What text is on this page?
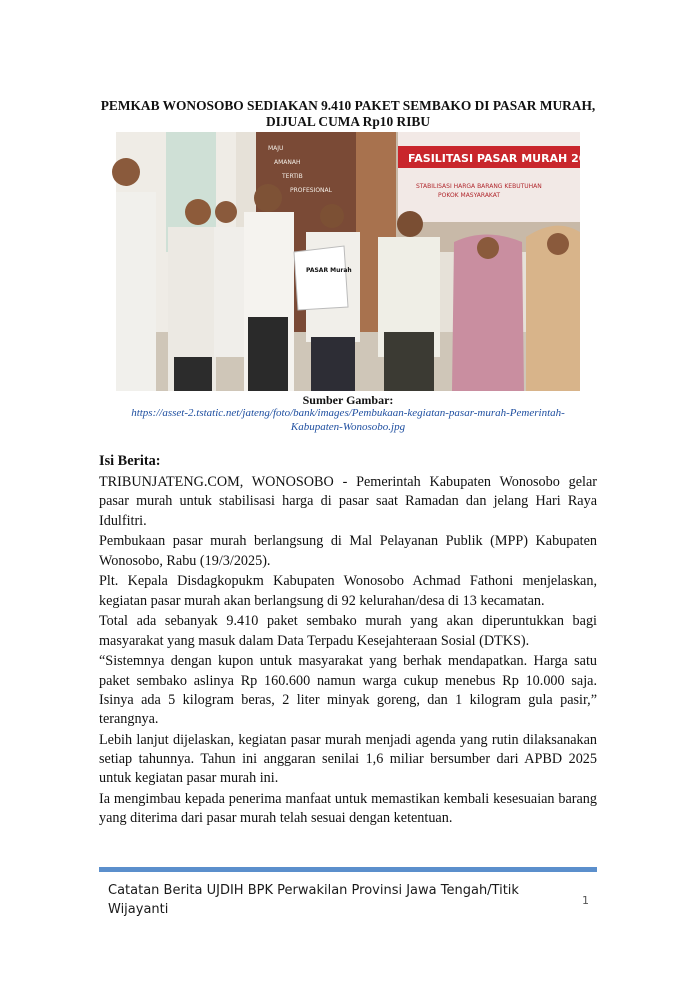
PEMKAB WONOSOBO SEDIAKAN 9.410 PAKET SEMBAKO DI PASAR MURAH, DIJUAL CUMA Rp10 RIBU
FASILITASI PASAR MURAH 2025
STABILISASI HARGA BARANG KEBUTUHAN
POKOK MASYARAKAT
MAJU
AMANAH
TERTIB
PROFESIONAL
PASAR Murah
Sumber Gambar:
https://asset-2.tstatic.net/jateng/foto/bank/images/Pembukaan-kegiatan-pasar-murah-Pemerintah-Kabupaten-Wonosobo.jpg
Isi Berita:

TRIBUNJATENG.COM, WONOSOBO - Pemerintah Kabupaten Wonosobo gelar pasar murah untuk stabilisasi harga di pasar saat Ramadan dan jelang Hari Raya Idulfitri.

Pembukaan pasar murah berlangsung di Mal Pelayanan Publik (MPP) Kabupaten Wonosobo, Rabu (19/3/2025).

Plt. Kepala Disdagkopukm Kabupaten Wonosobo Achmad Fathoni menjelaskan, kegiatan pasar murah akan berlangsung di 92 kelurahan/desa di 13 kecamatan.

Total ada sebanyak 9.410 paket sembako murah yang akan diperuntukkan bagi masyarakat yang masuk dalam Data Terpadu Kesejahteraan Sosial (DTKS).

“Sistemnya dengan kupon untuk masyarakat yang berhak mendapatkan. Harga satu paket sembako aslinya Rp 160.600 namun warga cukup menebus Rp 10.000 saja. Isinya ada 5 kilogram beras, 2 liter minyak goreng, dan 1 kilogram gula pasir,” terangnya.

Lebih lanjut dijelaskan, kegiatan pasar murah menjadi agenda yang rutin dilaksanakan setiap tahunnya. Tahun ini anggaran senilai 1,6 miliar bersumber dari APBD 2025 untuk kegiatan pasar murah ini.

Ia mengimbau kepada penerima manfaat untuk memastikan kembali kesesuaian barang yang diterima dari pasar murah telah sesuai dengan ketentuan.

Catatan Berita UJDIH BPK Perwakilan Provinsi Jawa Tengah/Titik Wijayanti
1
